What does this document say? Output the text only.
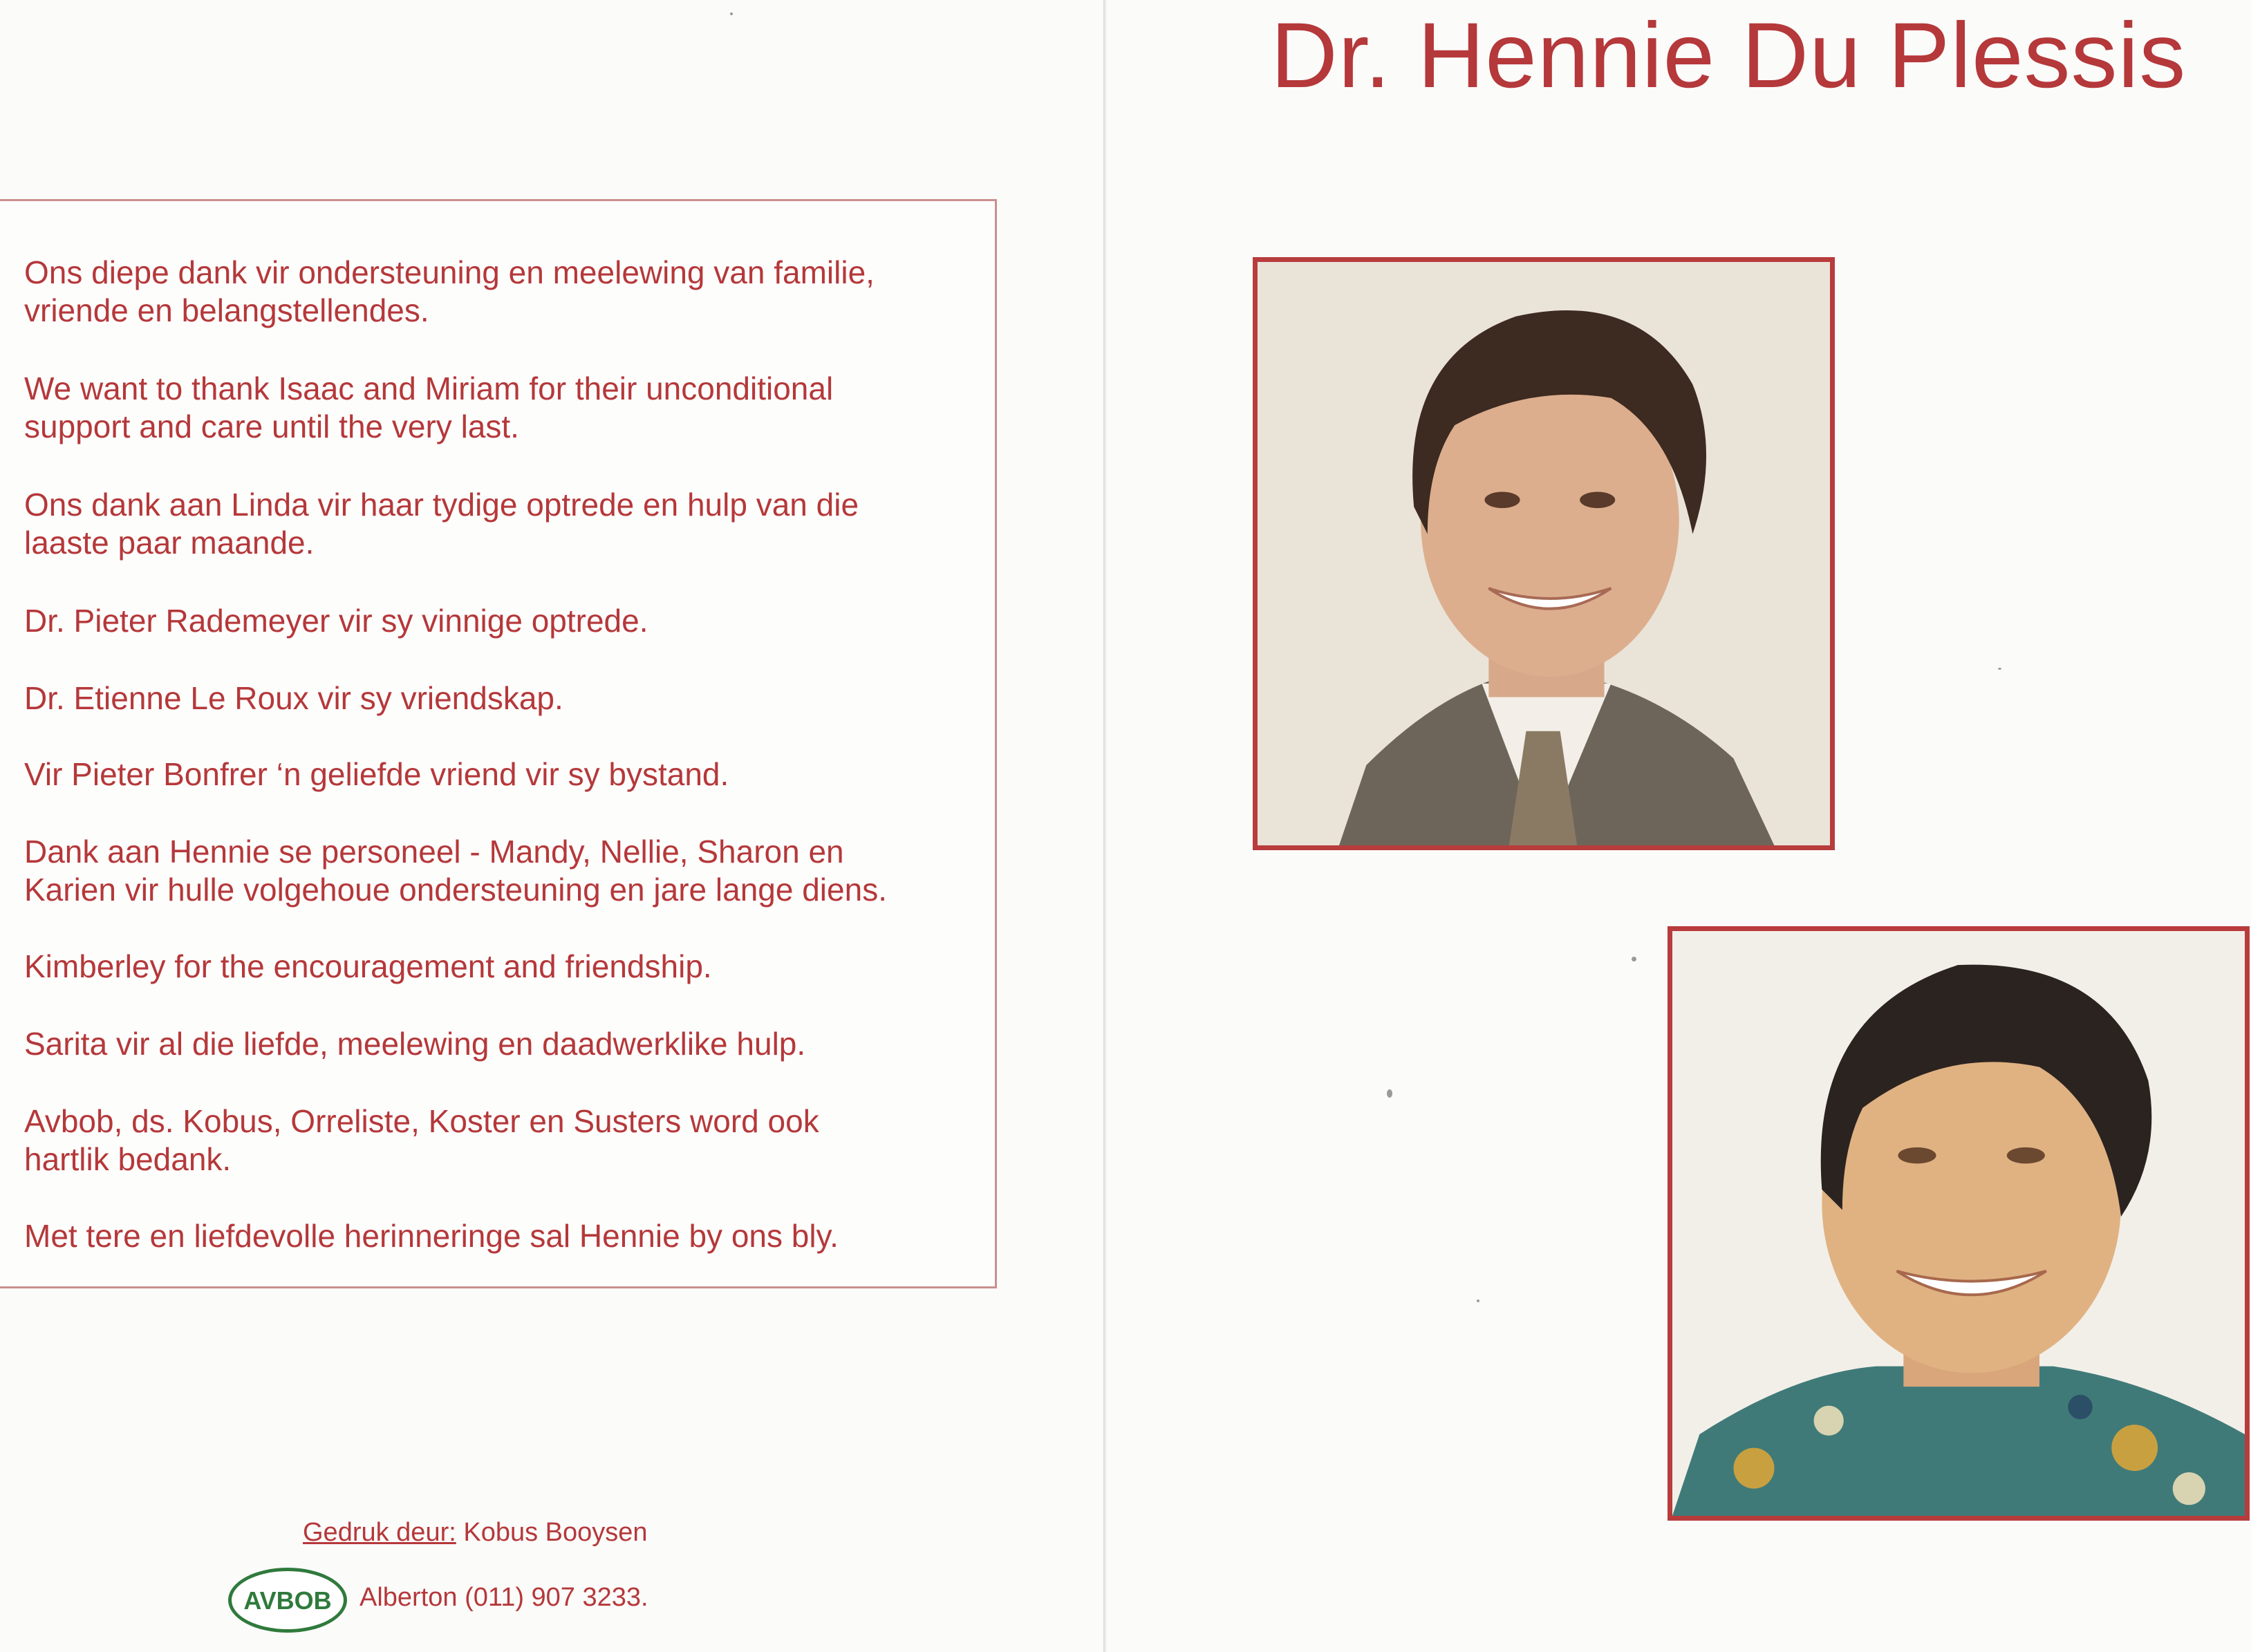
Ons diepe dank vir ondersteuning en meelewing van familie,
vriende en belangstellendes.

We want to thank Isaac and Miriam for their unconditional
support and care until the very last.

Ons dank aan Linda vir haar tydige optrede en hulp van die
laaste paar maande.

Dr. Pieter Rademeyer vir sy vinnige optrede.

Dr. Etienne Le Roux vir sy vriendskap.

Vir Pieter Bonfrer ‘n geliefde vriend vir sy bystand.

Dank aan Hennie se personeel - Mandy, Nellie, Sharon en
Karien vir hulle volgehoue ondersteuning en jare lange diens.

Kimberley for the encouragement and friendship.

Sarita vir al die liefde, meelewing en daadwerklike hulp.

Avbob, ds. Kobus, Orreliste, Koster en Susters word ook
hartlik bedank.

Met tere en liefdevolle herinneringe sal Hennie by ons bly.

Gedruk deur: Kobus Booysen
AVBOB Alberton (011) 907 3233.
Dr. Hennie Du Plessis
